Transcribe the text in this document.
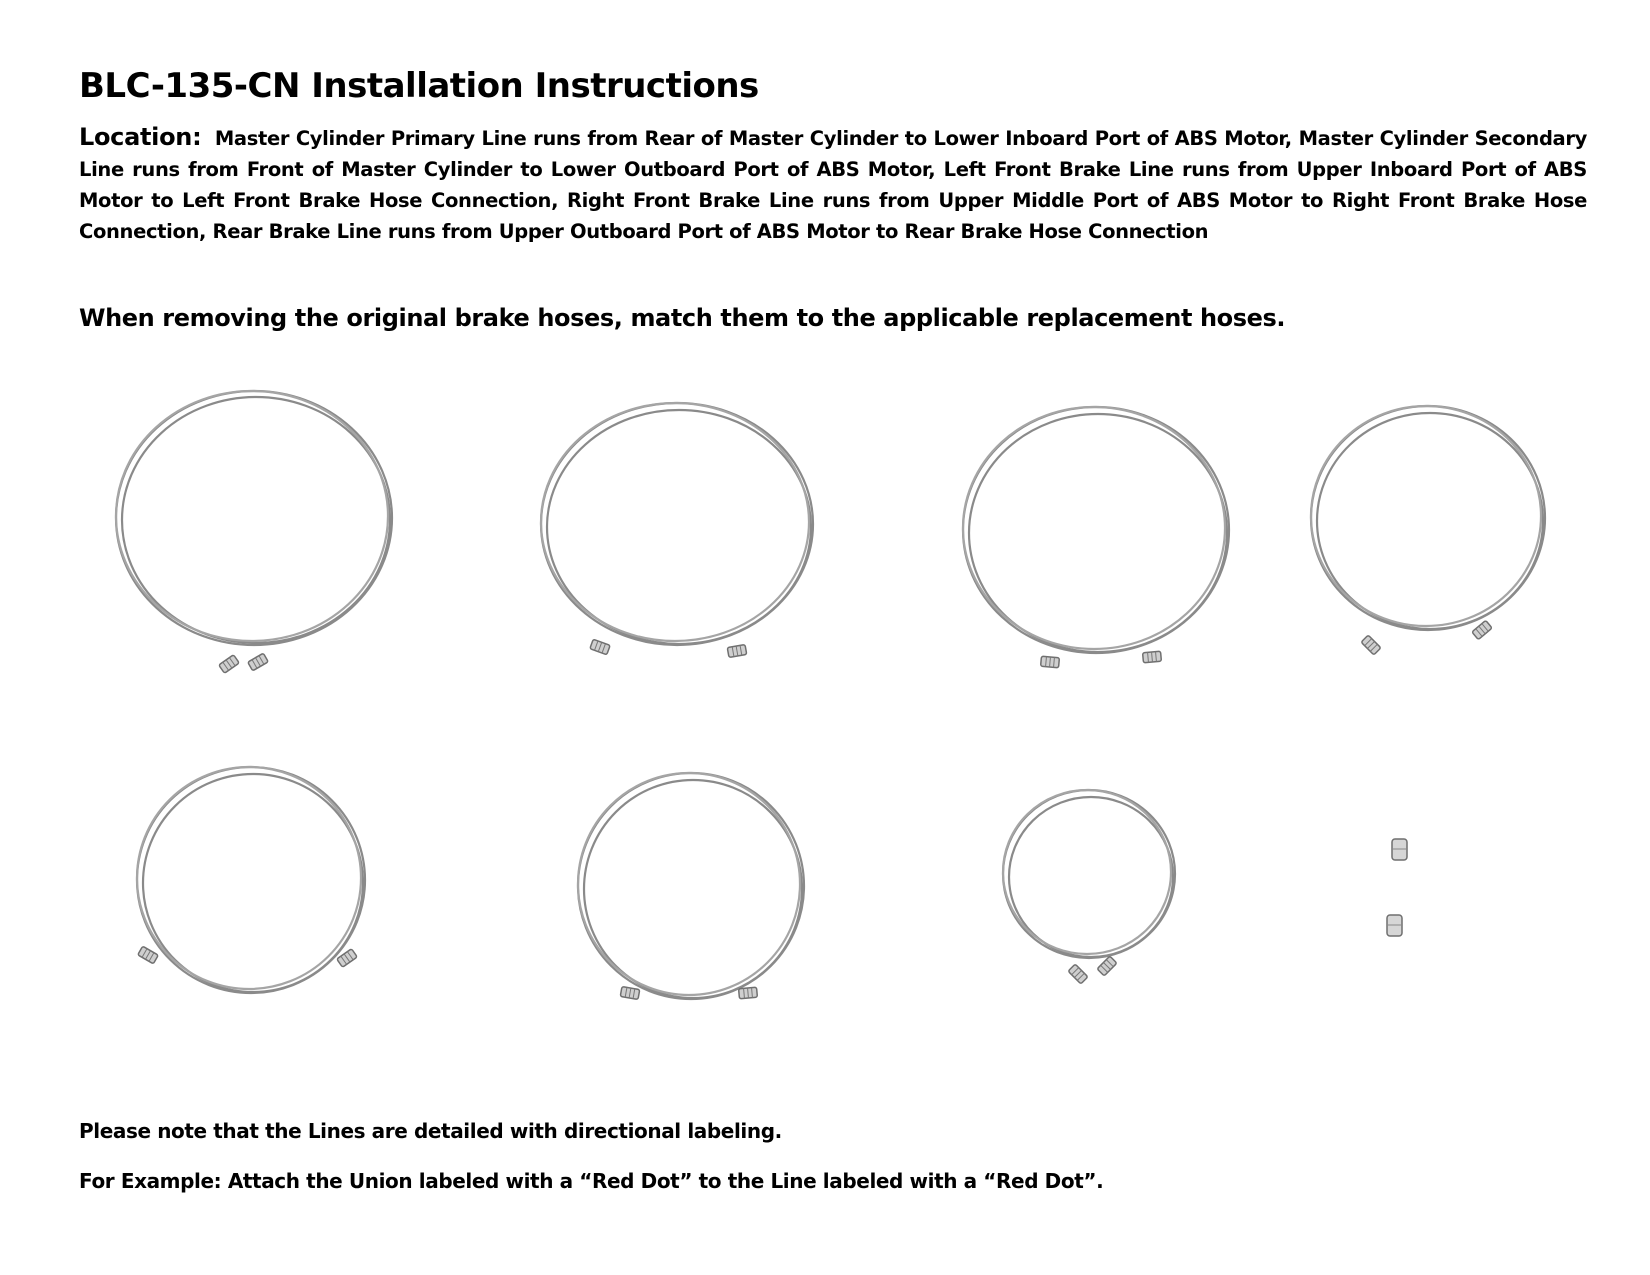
BLC-135-CN Installation Instructions

Location: Master Cylinder Primary Line runs from Rear of Master Cylinder to Lower Inboard Port of ABS Motor, Master Cylinder Secondary Line runs from Front of Master Cylinder to Lower Outboard Port of ABS Motor, Left Front Brake Line runs from Upper Inboard Port of ABS Motor to Left Front Brake Hose Connection, Right Front Brake Line runs from Upper Middle Port of ABS Motor to Right Front Brake Hose Connection, Rear Brake Line runs from Upper Outboard Port of ABS Motor to Rear Brake Hose Connection

When removing the original brake hoses, match them to the applicable replacement hoses.

Please note that the Lines are detailed with directional labeling.

For Example: Attach the Union labeled with a “Red Dot” to the Line labeled with a “Red Dot”.
